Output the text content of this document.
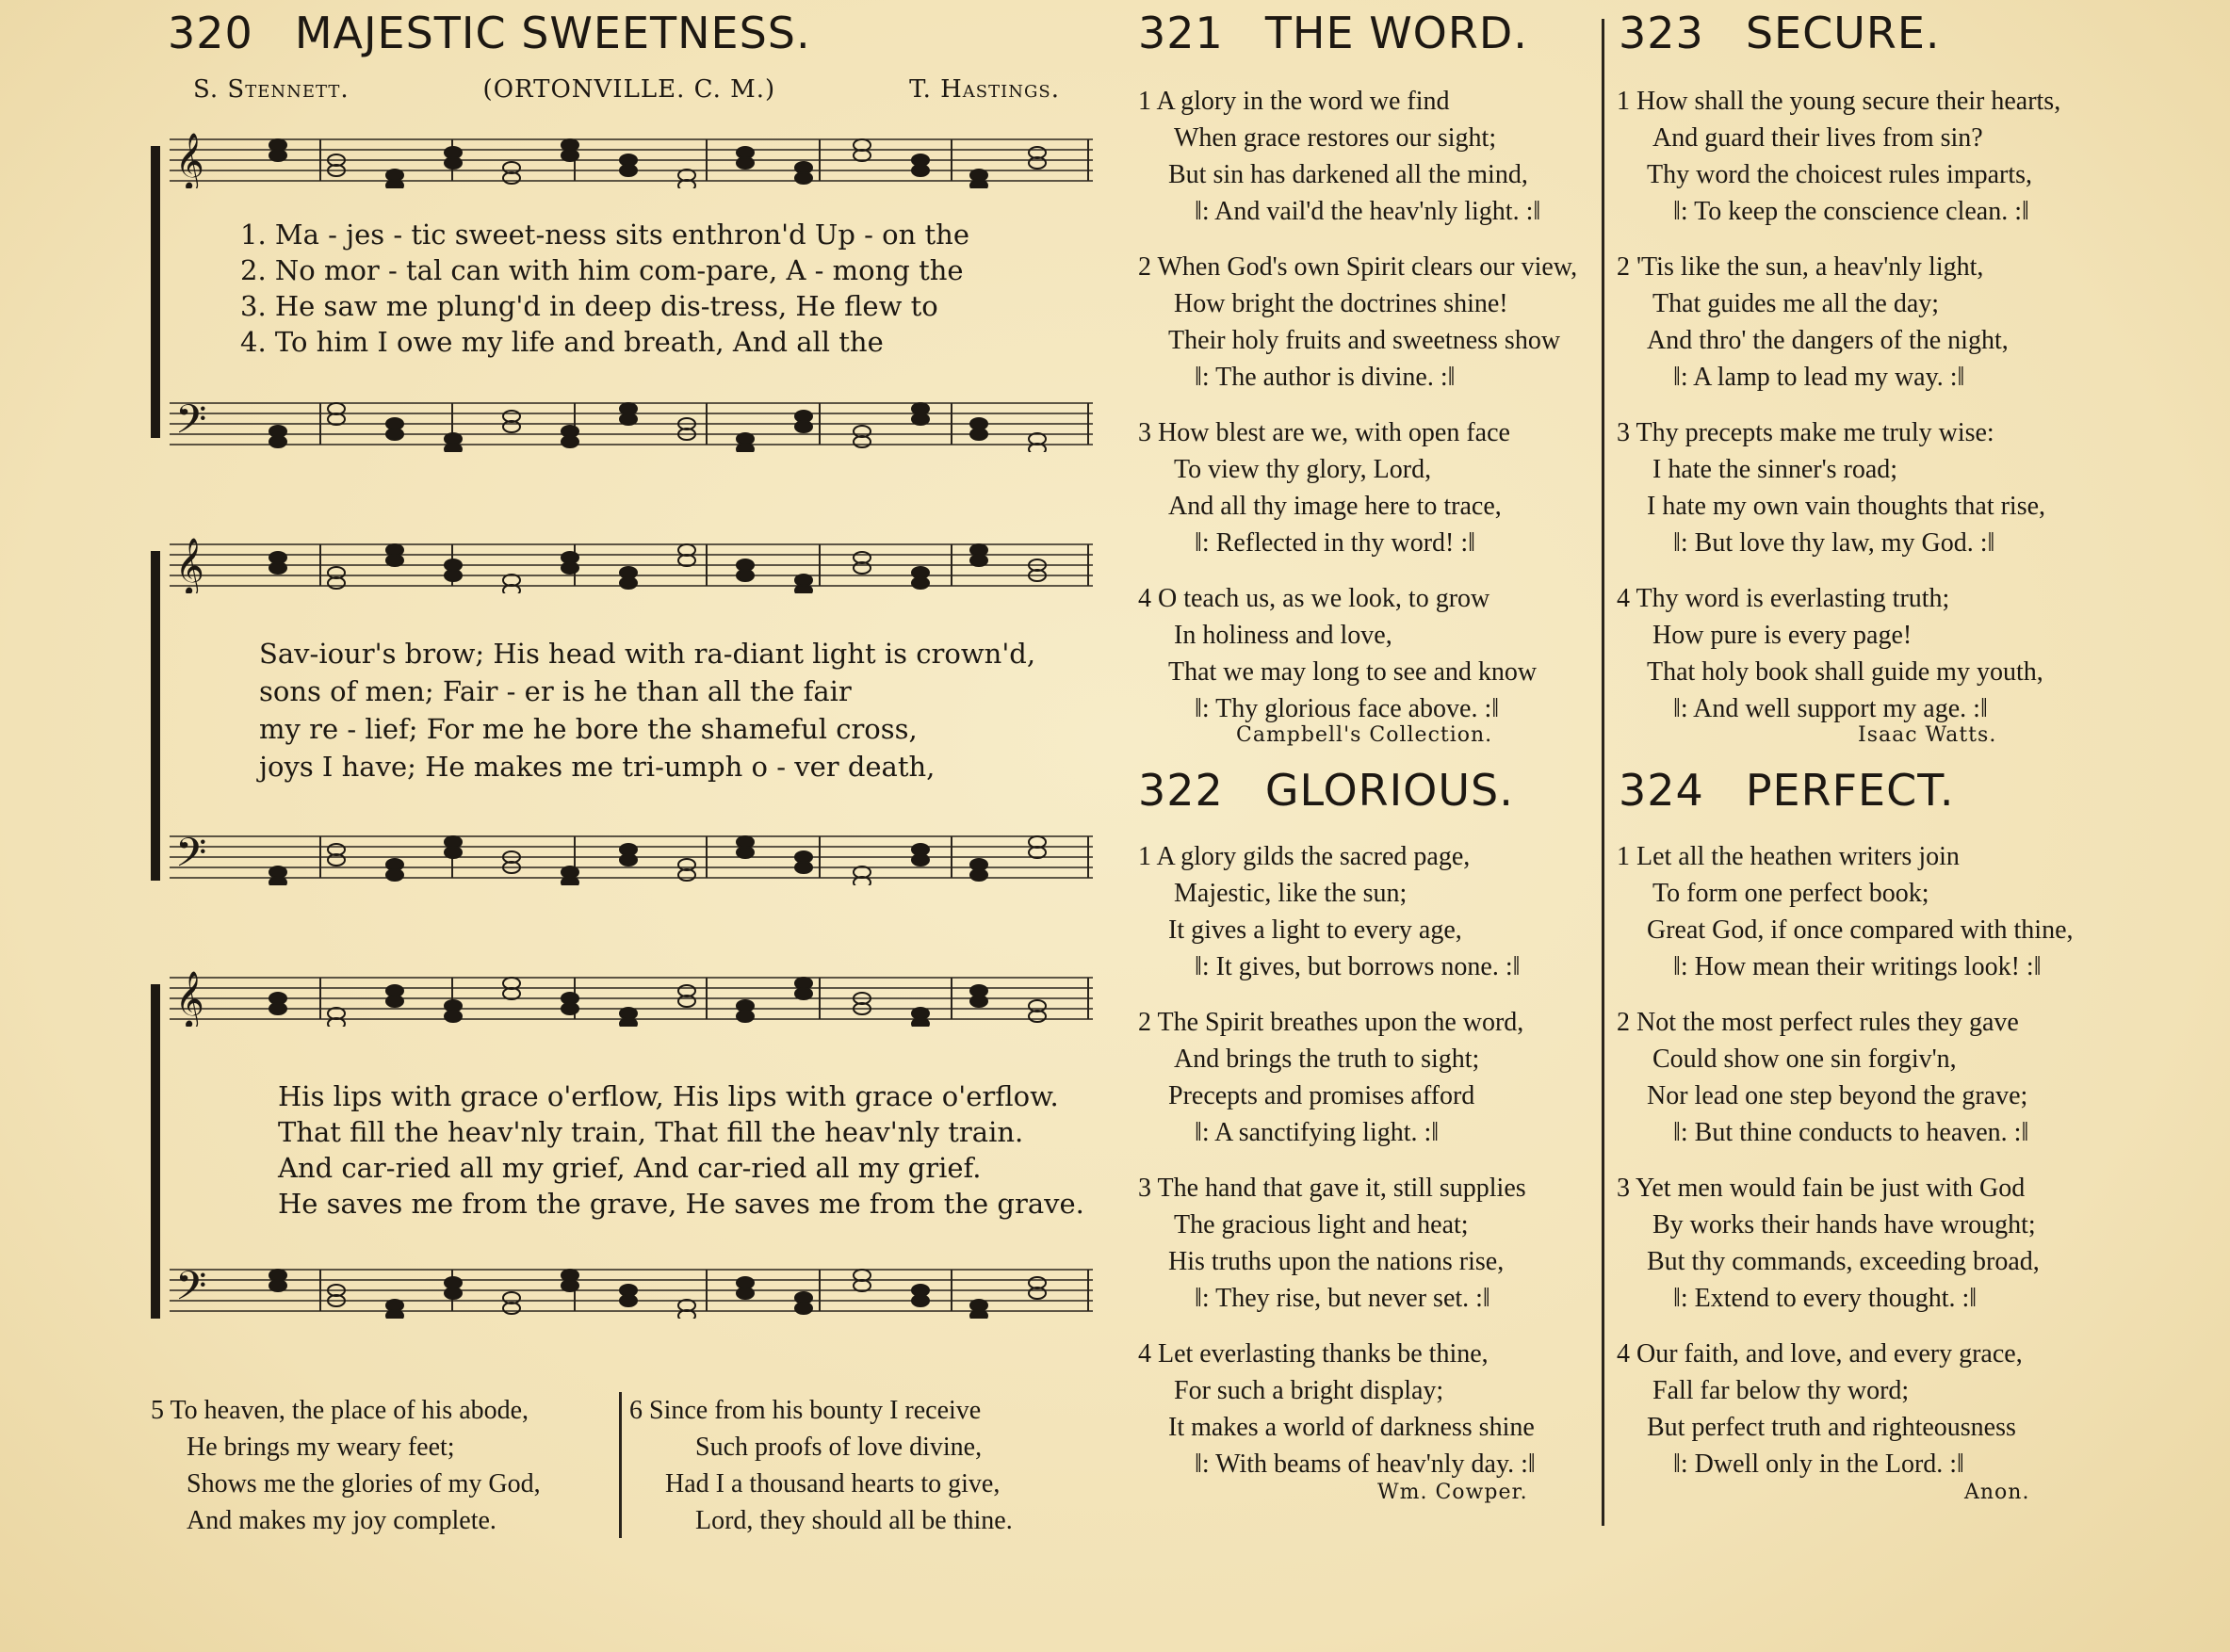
320 MAJESTIC SWEETNESS.
S. Stennett.	(ORTONVILLE. C. M.)	T. Hastings.
𝄞
𝄢
1. Ma - jes - tic sweet-ness sits enthron'd Up - on the
2. No mor - tal can with him com-pare, A - mong the
3. He saw me plung'd in deep dis-tress, He flew to
4. To him I owe my life and breath, And all the
𝄞
𝄢
Sav-iour's brow; His head with ra-diant light is crown'd,
sons of men; Fair - er is he than all the fair
my re - lief; For me he bore the shameful cross,
joys I have; He makes me tri-umph o - ver death,
𝄞
𝄢
His lips with grace o'erflow, His lips with grace o'erflow.
That fill the heav'nly train, That fill the heav'nly train.
And car-ried all my grief, And car-ried all my grief.
He saves me from the grave, He saves me from the grave.
5 To heaven, the place of his abode,
He brings my weary feet;
Shows me the glories of my God,
And makes my joy complete.
6 Since from his bounty I receive
Such proofs of love divine,
Had I a thousand hearts to give,
Lord, they should all be thine.
321 THE WORD.
1 A glory in the word we find
When grace restores our sight;
But sin has darkened all the mind,
‖: And vail'd the heav'nly light. :‖
2 When God's own Spirit clears our view,
How bright the doctrines shine!
Their holy fruits and sweetness show
‖: The author is divine. :‖
3 How blest are we, with open face
To view thy glory, Lord,
And all thy image here to trace,
‖: Reflected in thy word! :‖
4 O teach us, as we look, to grow
In holiness and love,
That we may long to see and know
‖: Thy glorious face above. :‖
Campbell's Collection.
322 GLORIOUS.
1 A glory gilds the sacred page,
Majestic, like the sun;
It gives a light to every age,
‖: It gives, but borrows none. :‖
2 The Spirit breathes upon the word,
And brings the truth to sight;
Precepts and promises afford
‖: A sanctifying light. :‖
3 The hand that gave it, still supplies
The gracious light and heat;
His truths upon the nations rise,
‖: They rise, but never set. :‖
4 Let everlasting thanks be thine,
For such a bright display;
It makes a world of darkness shine
‖: With beams of heav'nly day. :‖
Wm. Cowper.
323 SECURE.
1 How shall the young secure their hearts,
And guard their lives from sin?
Thy word the choicest rules imparts,
‖: To keep the conscience clean. :‖
2 'Tis like the sun, a heav'nly light,
That guides me all the day;
And thro' the dangers of the night,
‖: A lamp to lead my way. :‖
3 Thy precepts make me truly wise:
I hate the sinner's road;
I hate my own vain thoughts that rise,
‖: But love thy law, my God. :‖
4 Thy word is everlasting truth;
How pure is every page!
That holy book shall guide my youth,
‖: And well support my age. :‖
Isaac Watts.
324 PERFECT.
1 Let all the heathen writers join
To form one perfect book;
Great God, if once compared with thine,
‖: How mean their writings look! :‖
2 Not the most perfect rules they gave
Could show one sin forgiv'n,
Nor lead one step beyond the grave;
‖: But thine conducts to heaven. :‖
3 Yet men would fain be just with God
By works their hands have wrought;
But thy commands, exceeding broad,
‖: Extend to every thought. :‖
4 Our faith, and love, and every grace,
Fall far below thy word;
But perfect truth and righteousness
‖: Dwell only in the Lord. :‖
Anon.
